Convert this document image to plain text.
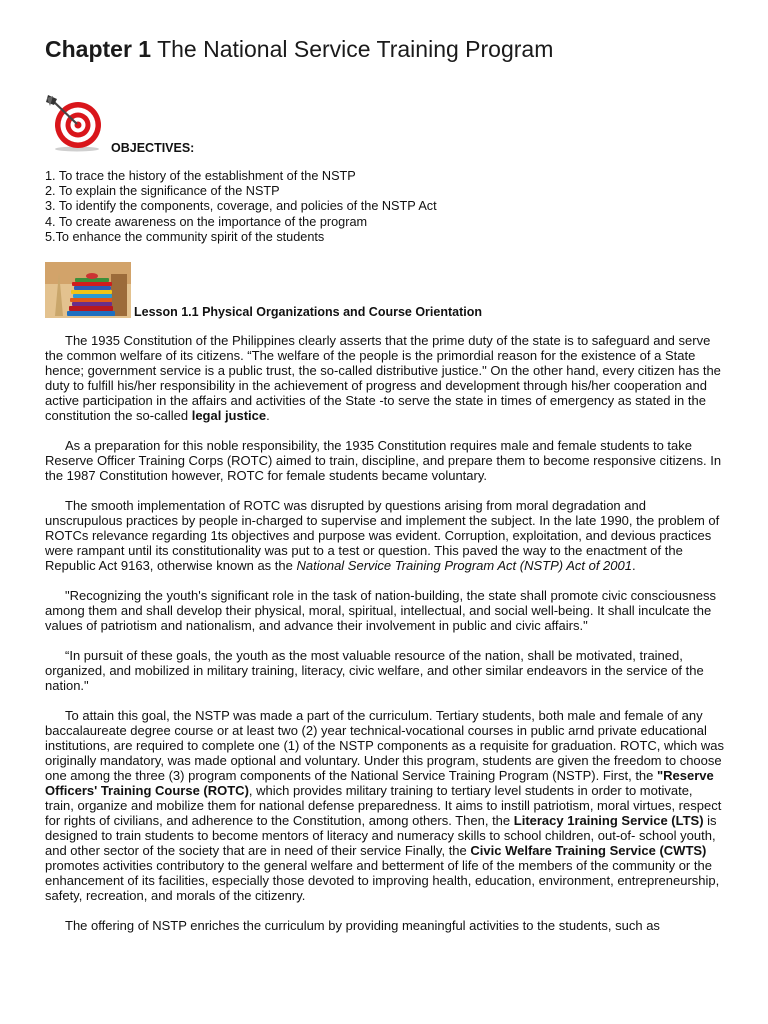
Chapter 1 The National Service Training Program
OBJECTIVES:
1. To trace the history of the establishment of the NSTP
2. To explain the significance of the NSTP
3. To identify the components, coverage, and policies of the NSTP Act
4. To create awareness on the importance of the program
5.To enhance the community spirit of the students
Lesson 1.1 Physical Organizations and Course Orientation

The 1935 Constitution of the Philippines clearly asserts that the prime duty of the state is to safeguard and serve the common welfare of its citizens. “The welfare of the people is the primordial reason for the existence of a State hence; government service is a public trust, the so-called distributive justice." On the other hand, every citizen has the duty to fulfill his/her responsibility in the achievement of progress and development through his/her cooperation and active participation in the affairs and activities of the State -to serve the state in times of emergency as stated in the constitution the so-called legal justice.

As a preparation for this noble responsibility, the 1935 Constitution requires male and female students to take Reserve Officer Training Corps (ROTC) aimed to train, discipline, and prepare them to become responsive citizens. In the 1987 Constitution however, ROTC for female students became voluntary.

The smooth implementation of ROTC was disrupted by questions arising from moral degradation and unscrupulous practices by people in-charged to supervise and implement the subject. In the late 1990, the problem of ROTCs relevance regarding 1ts objectives and purpose was evident. Corruption, exploitation, and devious practices were rampant until its constitutionality was put to a test or question. This paved the way to the enactment of the Republic Act 9163, otherwise known as the National Service Training Program Act (NSTP) Act of 2001.

"Recognizing the youth's significant role in the task of nation-building, the state shall promote civic consciousness among them and shall develop their physical, moral, spiritual, intellectual, and social well-being. It shall inculcate the values of patriotism and nationalism, and advance their involvement in public and civic affairs."

“In pursuit of these goals, the youth as the most valuable resource of the nation, shall be motivated, trained, organized, and mobilized in military training, literacy, civic welfare, and other similar endeavors in the service of the nation."

To attain this goal, the NSTP was made a part of the curriculum. Tertiary students, both male and female of any baccalaureate degree course or at least two (2) year technical-vocational courses in public arnd private educational institutions, are required to complete one (1) of the NSTP components as a requisite for graduation. ROTC, which was originally mandatory, was made optional and voluntary. Under this program, students are given the freedom to choose one among the three (3) program components of the National Service Training Program (NSTP). First, the "Reserve Officers' Training Course (ROTC), which provides military training to tertiary level students in order to motivate, train, organize and mobilize them for national defense preparedness. It aims to instill patriotism, moral virtues, respect for rights of civilians, and adherence to the Constitution, among others. Then, the Literacy 1raining Service (LTS) is designed to train students to become mentors of literacy and numeracy skills to school children, out-of- school youth, and other sector of the society that are in need of their service Finally, the Civic Welfare Training Service (CWTS) promotes activities contributory to the general welfare and betterment of life of the members of the community or the enhancement of its facilities, especially those devoted to improving health, education, environment, entrepreneurship, safety, recreation, and morals of the citizenry.

The offering of NSTP enriches the curriculum by providing meaningful activities to the students, such as
